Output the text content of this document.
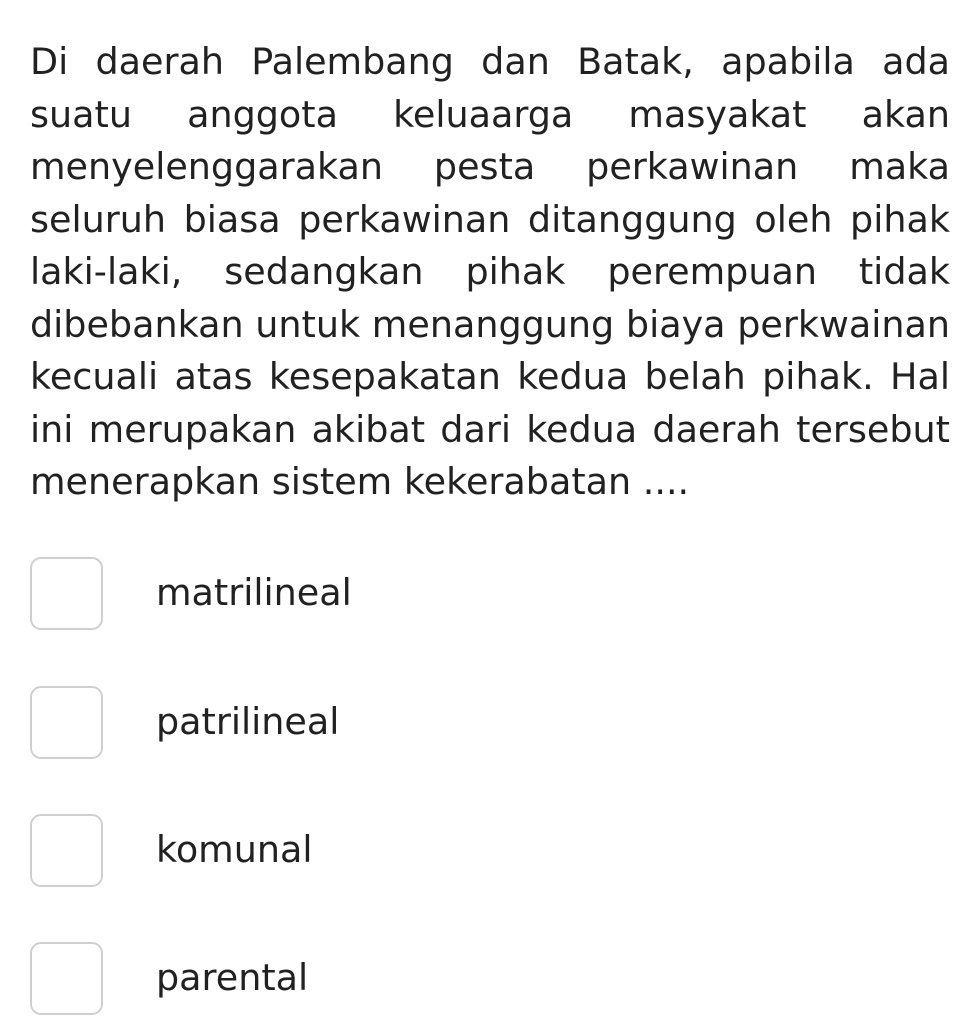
Di daerah Palembang dan Batak, apabila ada suatu anggota keluaarga masyakat akan menyelenggarakan pesta perkawinan maka seluruh biasa perkawinan ditanggung oleh pihak laki-laki, sedangkan pihak perempuan tidak dibebankan untuk menanggung biaya perkwainan kecuali atas kesepakatan kedua belah pihak. Hal ini merupakan akibat dari kedua daerah tersebut menerapkan sistem kekerabatan ....

matrilineal
patrilineal
komunal
parental
